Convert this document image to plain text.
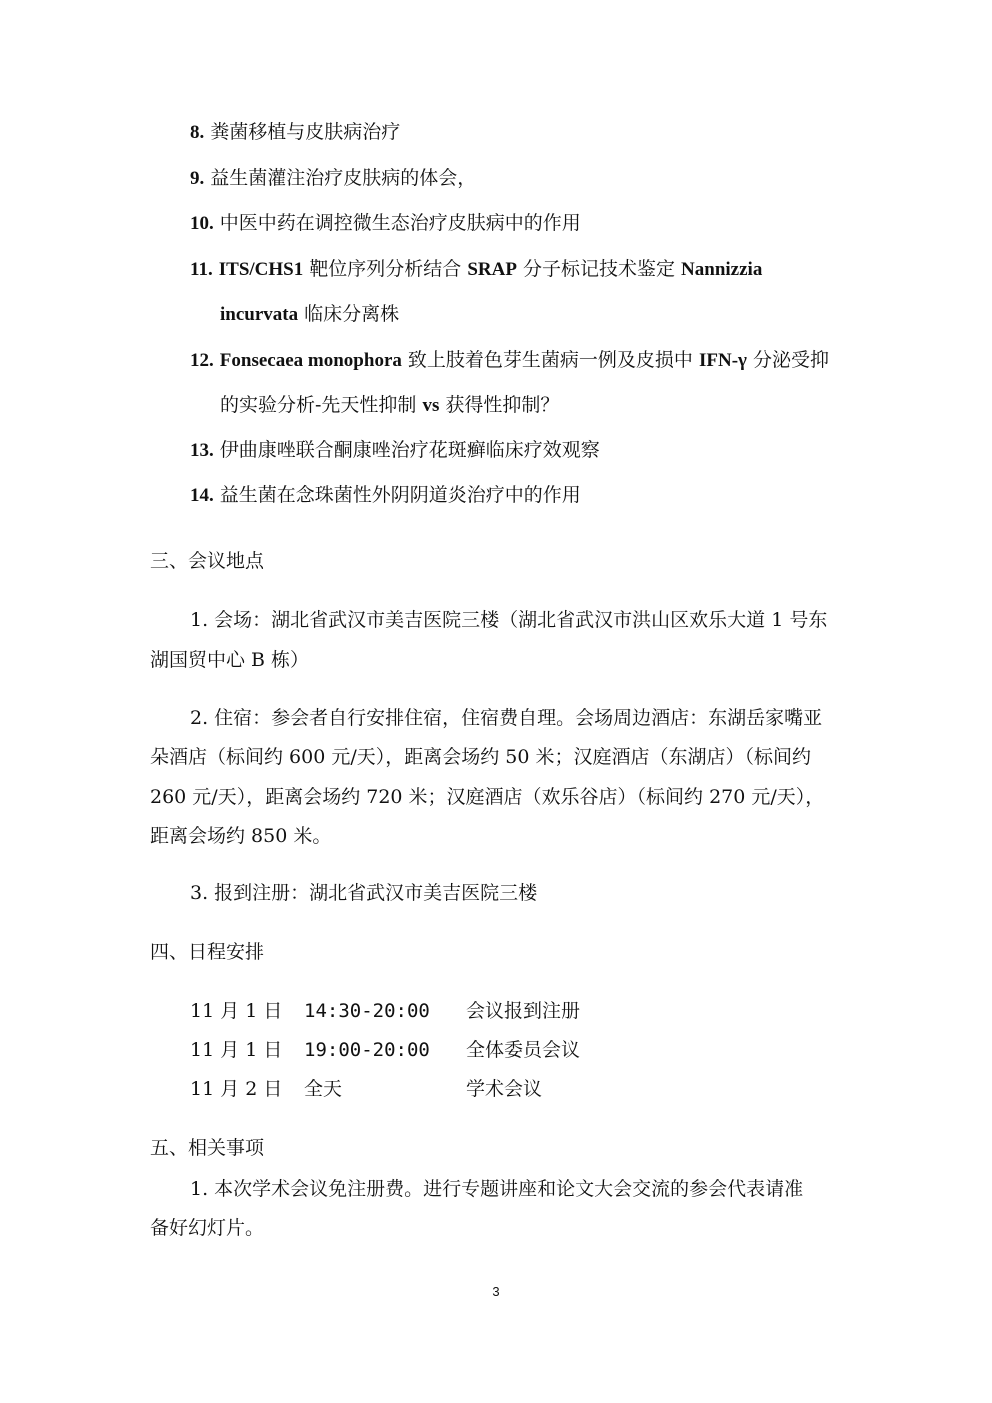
8. 粪菌移植与皮肤病治疗
9. 益生菌灌注治疗皮肤病的体会，
10. 中医中药在调控微生态治疗皮肤病中的作用
11. ITS/CHS1 靶位序列分析结合 SRAP 分子标记技术鉴定 Nannizzia
incurvata 临床分离株
12. Fonsecaea monophora 致上肢着色芽生菌病一例及皮损中 IFN-γ 分泌受抑
的实验分析-先天性抑制 vs 获得性抑制？
13. 伊曲康唑联合酮康唑治疗花斑癣临床疗效观察
14. 益生菌在念珠菌性外阴阴道炎治疗中的作用
三、会议地点
1. 会场：湖北省武汉市美吉医院三楼（湖北省武汉市洪山区欢乐大道 1 号东
湖国贸中心 B 栋）
2. 住宿：参会者自行安排住宿，住宿费自理。会场周边酒店：东湖岳家嘴亚
朵酒店（标间约 600 元/天），距离会场约 50 米；汉庭酒店（东湖店）（标间约
260 元/天），距离会场约 720 米；汉庭酒店（欢乐谷店）（标间约 270 元/天），
距离会场约 850 米。
3. 报到注册：湖北省武汉市美吉医院三楼
四、日程安排
11 月 1 日 14:30-20:00 会议报到注册
11 月 1 日 19:00-20:00 全体委员会议
11 月 2 日 全天	学术会议
五、相关事项
1. 本次学术会议免注册费。进行专题讲座和论文大会交流的参会代表请准
备好幻灯片。
3
